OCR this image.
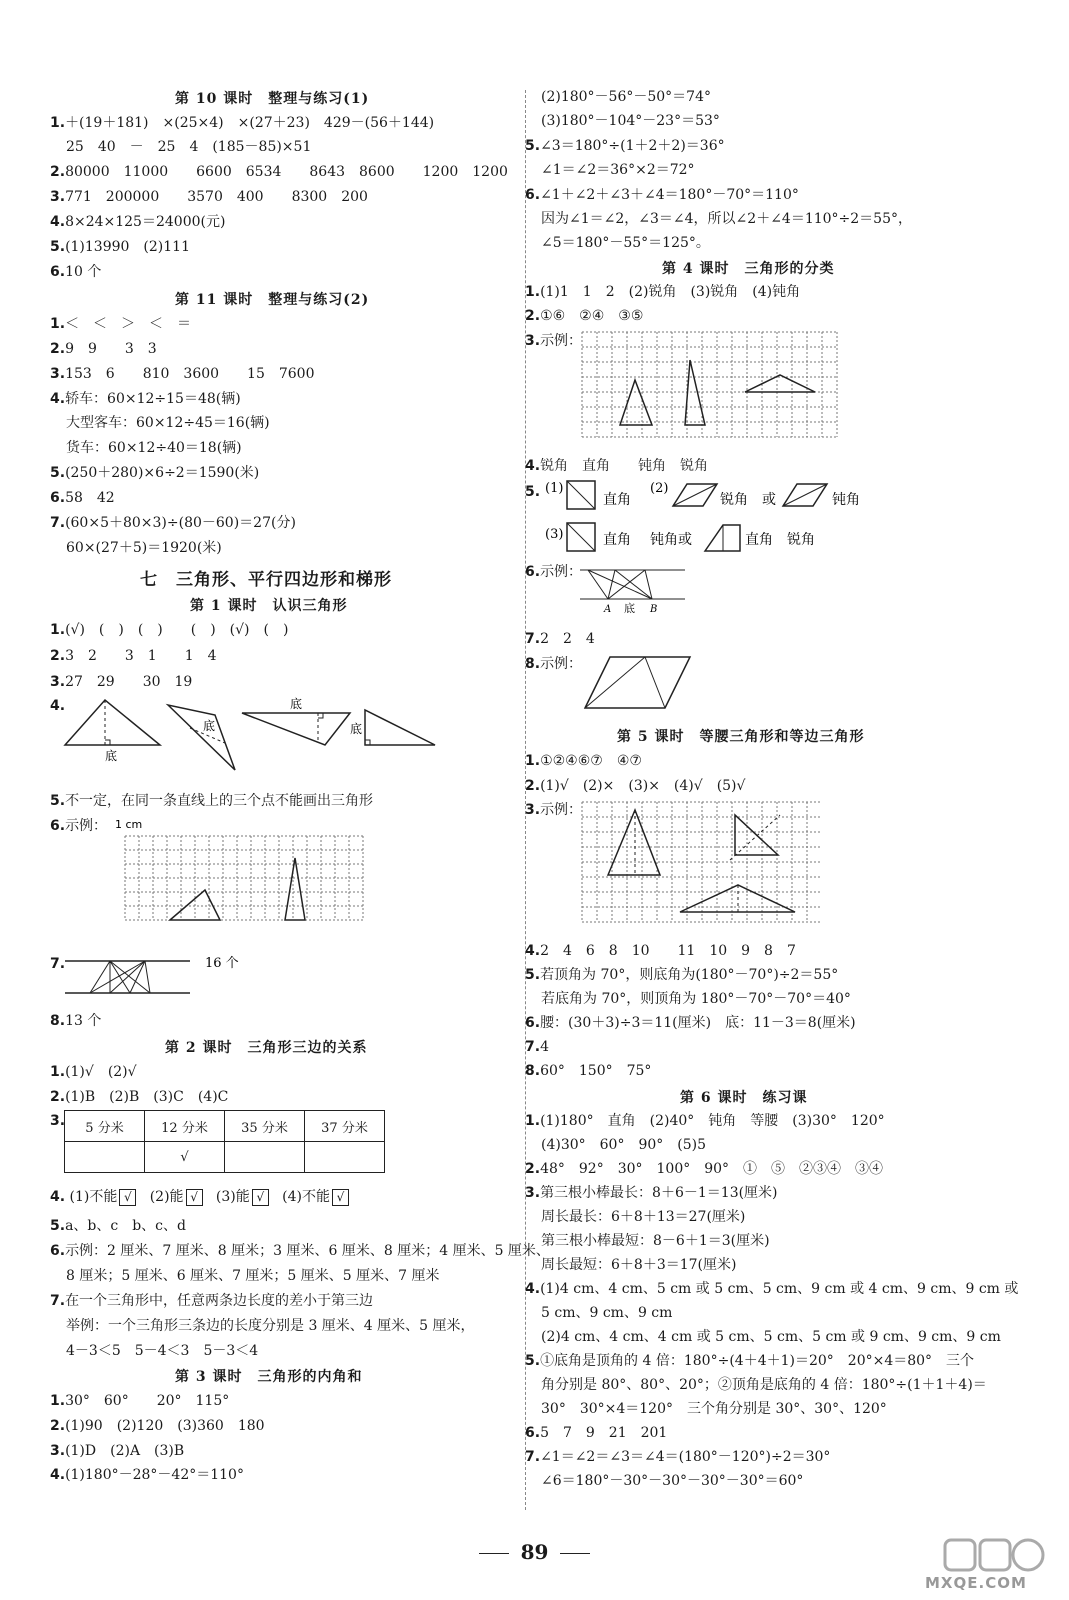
底
底
底
底
1 cm
16 个
5 分米	12 分米	35 分米	37 分米
	√		
4. (1)不能 √ (2)能 √ (3)能 √ (4)不能 √
(1)
直角
(2)
锐角　或	钝角
(3)	直角 钝角或	直角　锐角
A 底 B
89
MXQE.COM
第 10 课时　整理与练习(1)
1.＋(19＋181)　×(25×4)　×(27＋23)　429－(56＋144)
25　40　－　25　4　(185－85)×51
2.80000　11000　　6600　6534　　8643　8600　　1200　1200
3.771　200000　　3570　400　　8300　200
4.8×24×125＝24000(元)
5.(1)13990　(2)111
6.10 个
第 11 课时　整理与练习(2)
1.＜　＜　＞　＜　＝
2.9　9　　3　3
3.153　6　　810　3600　　15　7600
4.轿车：60×12÷15＝48(辆)
大型客车：60×12÷45＝16(辆)
货车：60×12÷40＝18(辆)
5.(250＋280)×6÷2＝1590(米)
6.58　42
7.(60×5＋80×3)÷(80－60)＝27(分)
60×(27＋5)＝1920(米)
七　三角形、平行四边形和梯形
第 1 课时　认识三角形
1.(√)　(　)　(　)　　(　)　(√)　(　)
2.3　2　　3　1　　1　4
3.27　29　　30　19
4.
5.不一定，在同一条直线上的三个点不能画出三角形
6.示例：
7.
8.13 个
第 2 课时　三角形三边的关系
1.(1)√　(2)√
2.(1)B　(2)B　(3)C　(4)C
3.
5.a、b、c　b、c、d
6.示例：2 厘米、7 厘米、8 厘米；3 厘米、6 厘米、8 厘米；4 厘米、5 厘米、
8 厘米；5 厘米、6 厘米、7 厘米；5 厘米、5 厘米、7 厘米
7.在一个三角形中，任意两条边长度的差小于第三边
举例：一个三角形三条边的长度分别是 3 厘米、4 厘米、5 厘米，
4－3＜5　5－4＜3　5－3＜4
第 3 课时　三角形的内角和
1.30°　60°　　20°　115°
2.(1)90　(2)120　(3)360　180
3.(1)D　(2)A　(3)B
4.(1)180°－28°－42°＝110°
(2)180°－56°－50°＝74°
(3)180°－104°－23°＝53°
5.∠3＝180°÷(1＋2＋2)＝36°
∠1＝∠2＝36°×2＝72°
6.∠1＋∠2＋∠3＋∠4＝180°－70°＝110°
因为∠1＝∠2，∠3＝∠4，所以∠2＋∠4＝110°÷2＝55°，
∠5＝180°－55°＝125°。
第 4 课时　三角形的分类
1.(1)1　1　2　(2)锐角　(3)锐角　(4)钝角
2.①⑥　②④　③⑤
3.示例：
4.锐角　直角　　钝角　锐角
5.
6.示例：
7.2　2　4
8.示例：
第 5 课时　等腰三角形和等边三角形
1.①②④⑥⑦　④⑦
2.(1)√　(2)×　(3)×　(4)√　(5)√
3.示例：
4.2　4　6　8　10　　11　10　9　8　7
5.若顶角为 70°，则底角为(180°－70°)÷2＝55°
若底角为 70°，则顶角为 180°－70°－70°＝40°
6.腰：(30＋3)÷3＝11(厘米)　底：11－3＝8(厘米)
7.4
8.60°　150°　75°
第 6 课时　练习课
1.(1)180°　直角　(2)40°　钝角　等腰　(3)30°　120°
(4)30°　60°　90°　(5)5
2.48°　92°　30°　100°　90°　①　⑤　②③④　③④
3.第三根小棒最长：8＋6－1＝13(厘米)
周长最长：6＋8＋13＝27(厘米)
第三根小棒最短：8－6＋1＝3(厘米)
周长最短：6＋8＋3＝17(厘米)
4.(1)4 cm、4 cm、5 cm 或 5 cm、5 cm、9 cm 或 4 cm、9 cm、9 cm 或
5 cm、9 cm、9 cm
(2)4 cm、4 cm、4 cm 或 5 cm、5 cm、5 cm 或 9 cm、9 cm、9 cm
5.①底角是顶角的 4 倍：180°÷(4＋4＋1)＝20°　20°×4＝80°　三个
角分别是 80°、80°、20°；②顶角是底角的 4 倍：180°÷(1＋1＋4)＝
30°　30°×4＝120°　三个角分别是 30°、30°、120°
6.5　7　9　21　201
7.∠1＝∠2＝∠3＝∠4＝(180°－120°)÷2＝30°
∠6＝180°－30°－30°－30°－30°＝60°
